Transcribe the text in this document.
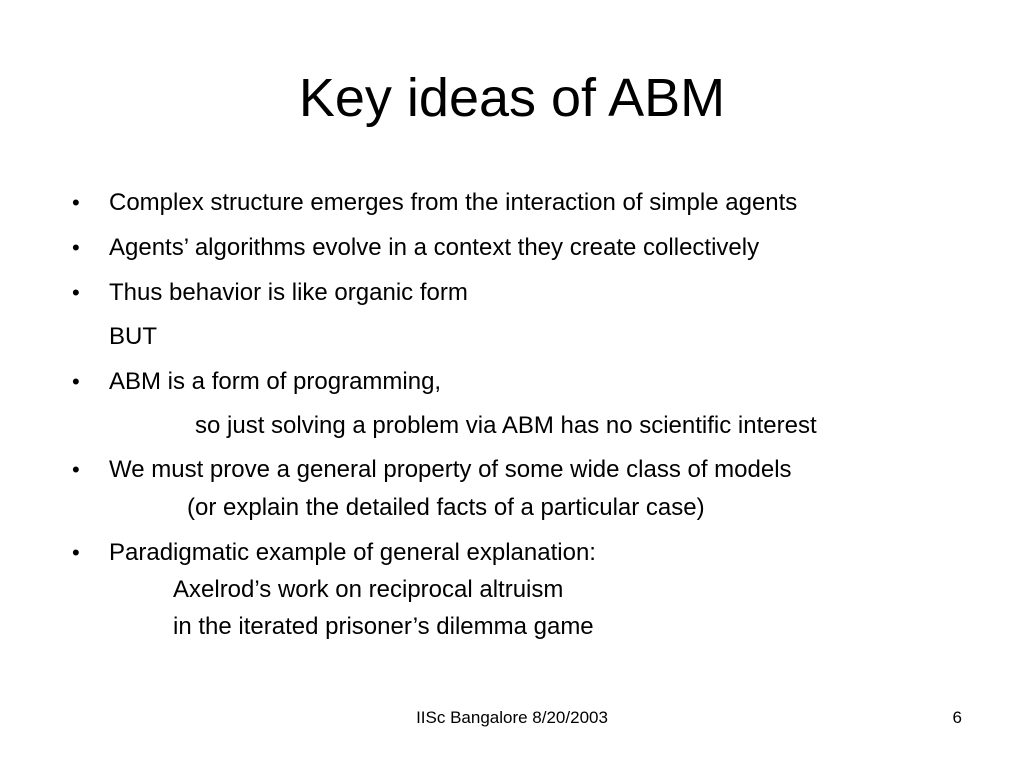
Key ideas of ABM
• Complex structure emerges from the interaction of simple agents
• Agents’ algorithms evolve in a context they create collectively
• Thus behavior is like organic form
BUT
• ABM is a form of programming,
so just solving a problem via ABM has no scientific interest
• We must prove a general property of some wide class of models
(or explain the detailed facts of a particular case)
• Paradigmatic example of general explanation:
Axelrod’s work on reciprocal altruism
in the iterated prisoner’s dilemma game
IISc Bangalore 8/20/2003	6
